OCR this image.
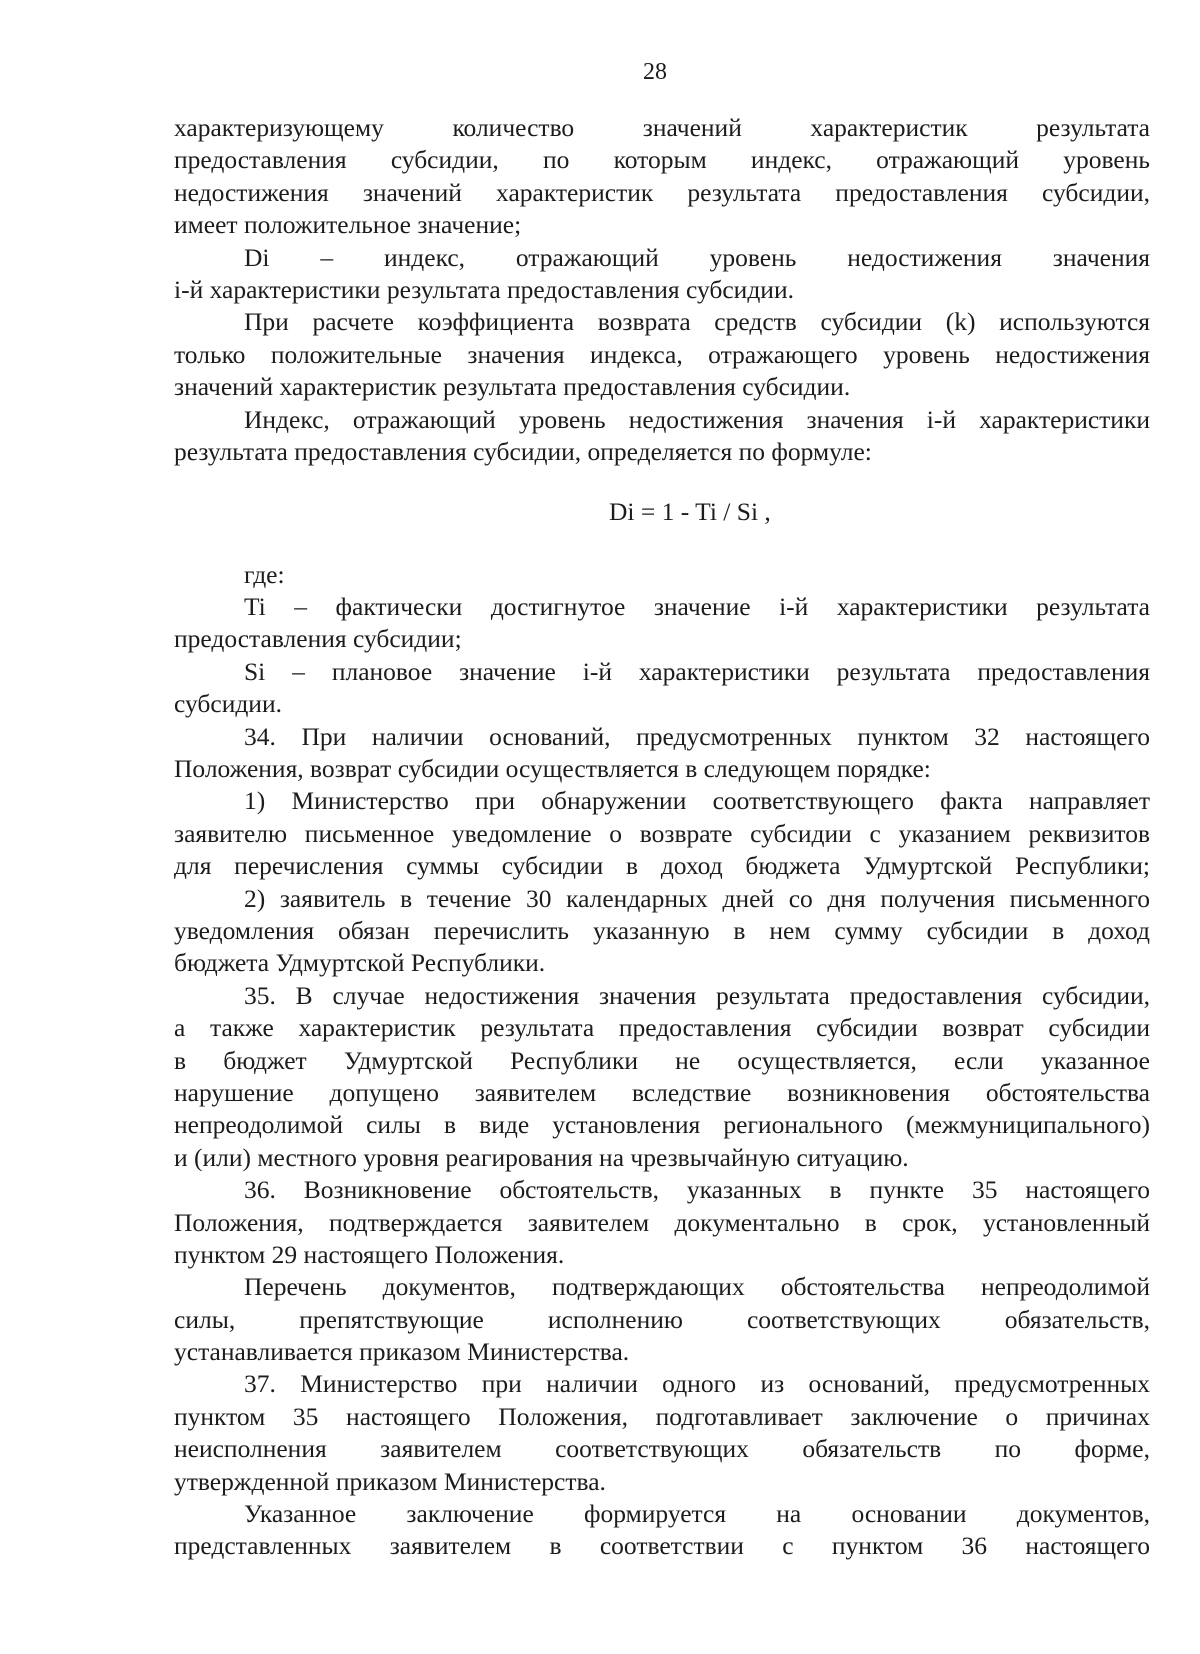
28
характеризующему количество значений характеристик результата
предоставления субсидии, по которым индекс, отражающий уровень
недостижения значений характеристик результата предоставления субсидии,
имеет положительное значение;
Di – индекс, отражающий уровень недостижения значения
i-й характеристики результата предоставления субсидии.
При расчете коэффициента возврата средств субсидии (k) используются
только положительные значения индекса, отражающего уровень недостижения
значений характеристик результата предоставления субсидии.
Индекс, отражающий уровень недостижения значения i-й характеристики
результата предоставления субсидии, определяется по формуле:
Di = 1 - Ti / Si ,
где:
Ti – фактически достигнутое значение i-й характеристики результата
предоставления субсидии;
Si – плановое значение i-й характеристики результата предоставления
субсидии.
34. При наличии оснований, предусмотренных пунктом 32 настоящего
Положения, возврат субсидии осуществляется в следующем порядке:
1) Министерство при обнаружении соответствующего факта направляет
заявителю письменное уведомление о возврате субсидии с указанием реквизитов
для перечисления суммы субсидии в доход бюджета Удмуртской Республики;
2) заявитель в течение 30 календарных дней со дня получения письменного
уведомления обязан перечислить указанную в нем сумму субсидии в доход
бюджета Удмуртской Республики.
35. В случае недостижения значения результата предоставления субсидии,
а также характеристик результата предоставления субсидии возврат субсидии
в бюджет Удмуртской Республики не осуществляется, если указанное
нарушение допущено заявителем вследствие возникновения обстоятельства
непреодолимой силы в виде установления регионального (межмуниципального)
и (или) местного уровня реагирования на чрезвычайную ситуацию.
36. Возникновение обстоятельств, указанных в пункте 35 настоящего
Положения, подтверждается заявителем документально в срок, установленный
пунктом 29 настоящего Положения.
Перечень документов, подтверждающих обстоятельства непреодолимой
силы, препятствующие исполнению соответствующих обязательств,
устанавливается приказом Министерства.
37. Министерство при наличии одного из оснований, предусмотренных
пунктом 35 настоящего Положения, подготавливает заключение о причинах
неисполнения заявителем соответствующих обязательств по форме,
утвержденной приказом Министерства.
Указанное заключение формируется на основании документов,
представленных заявителем в соответствии с пунктом 36 настоящего
